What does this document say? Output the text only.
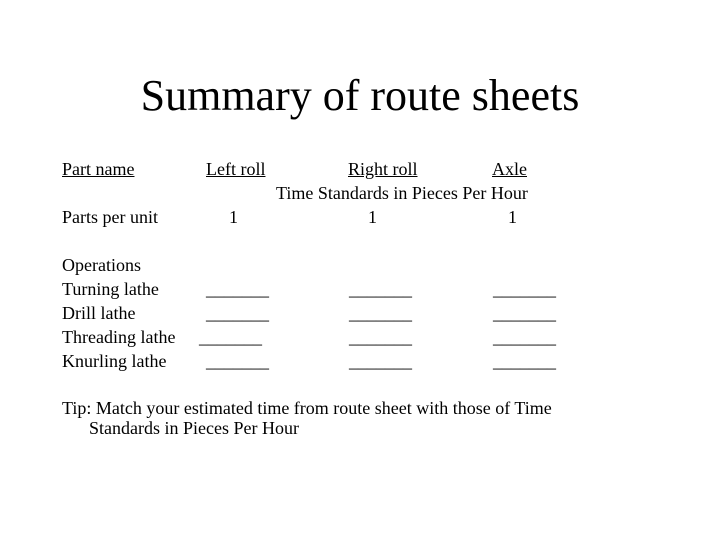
Summary of route sheets
Part name	Left roll	Right roll	Axle
Time Standards in Pieces Per Hour
Parts per unit	1	1	1
Operations
Turning lathe	_______	_______	_______
Drill lathe	_______	_______	_______
Threading lathe _______	_______	_______
Knurling lathe _______	_______	_______
Tip: Match your estimated time from route sheet with those of Time
Standards in Pieces Per Hour
